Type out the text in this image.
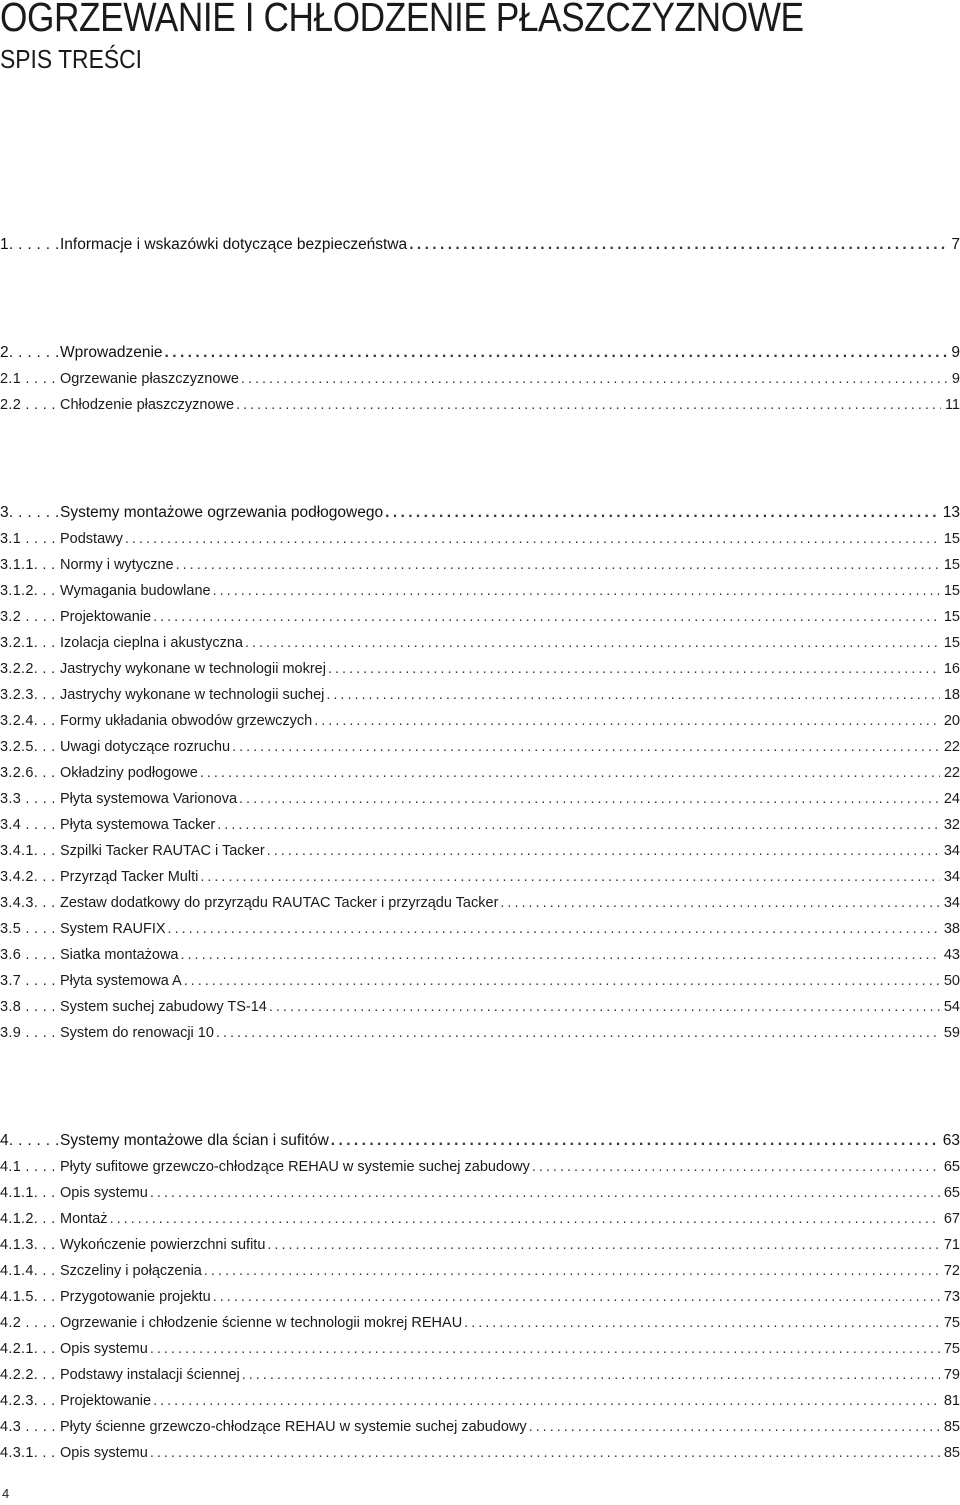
OGRZEWANIE I CHŁODZENIE PŁASZCZYZNOWE
SPIS TREŚCI
1. . . . . . Informacje i wskazówki dotyczące bezpieczeństwa .....	7
2. . . . . . Wprowadzenie .....	9
2.1 . . . . Ogrzewanie płaszczyznowe .....	9
2.2 . . . . Chłodzenie płaszczyznowe .....	11
3. . . . . . Systemy montażowe ogrzewania podłogowego .....	13
3.1 . . . . Podstawy .....	15
3.1.1. . . Normy i wytyczne .....	15
3.1.2. . . Wymagania budowlane .....	15
3.2 . . . . Projektowanie .....	15
3.2.1. . . Izolacja cieplna i akustyczna .....	15
3.2.2. . . Jastrychy wykonane w technologii mokrej .....	16
3.2.3. . . Jastrychy wykonane w technologii suchej .....	18
3.2.4. . . Formy układania obwodów grzewczych .....	20
3.2.5. . . Uwagi dotyczące rozruchu .....	22
3.2.6. . . Okładziny podłogowe .....	22
3.3 . . . . Płyta systemowa Varionova .....	24
3.4 . . . . Płyta systemowa Tacker .....	32
3.4.1. . . Szpilki Tacker RAUTAC i Tacker .....	34
3.4.2. . . Przyrząd Tacker Multi .....	34
3.4.3. . . Zestaw dodatkowy do przyrządu RAUTAC Tacker i przyrządu Tacker .....	34
3.5 . . . . System RAUFIX .....	38
3.6 . . . . Siatka montażowa .....	43
3.7 . . . . Płyta systemowa A .....	50
3.8 . . . . System suchej zabudowy TS-14 .....	54
3.9 . . . . System do renowacji 10 .....	59
4. . . . . . Systemy montażowe dla ścian i sufitów .....	63
4.1 . . . . Płyty sufitowe grzewczo-chłodzące REHAU w systemie suchej zabudowy .....	65
4.1.1. . . Opis systemu .....	65
4.1.2. . . Montaż .....	67
4.1.3. . . Wykończenie powierzchni sufitu .....	71
4.1.4. . . Szczeliny i połączenia .....	72
4.1.5. . . Przygotowanie projektu .....	73
4.2 . . . . Ogrzewanie i chłodzenie ścienne w technologii mokrej REHAU .....	75
4.2.1. . . Opis systemu .....	75
4.2.2. . . Podstawy instalacji ściennej .....	79
4.2.3. . . Projektowanie .....	81
4.3 . . . . Płyty ścienne grzewczo-chłodzące REHAU w systemie suchej zabudowy .....	85
4.3.1. . . Opis systemu .....	85
4
